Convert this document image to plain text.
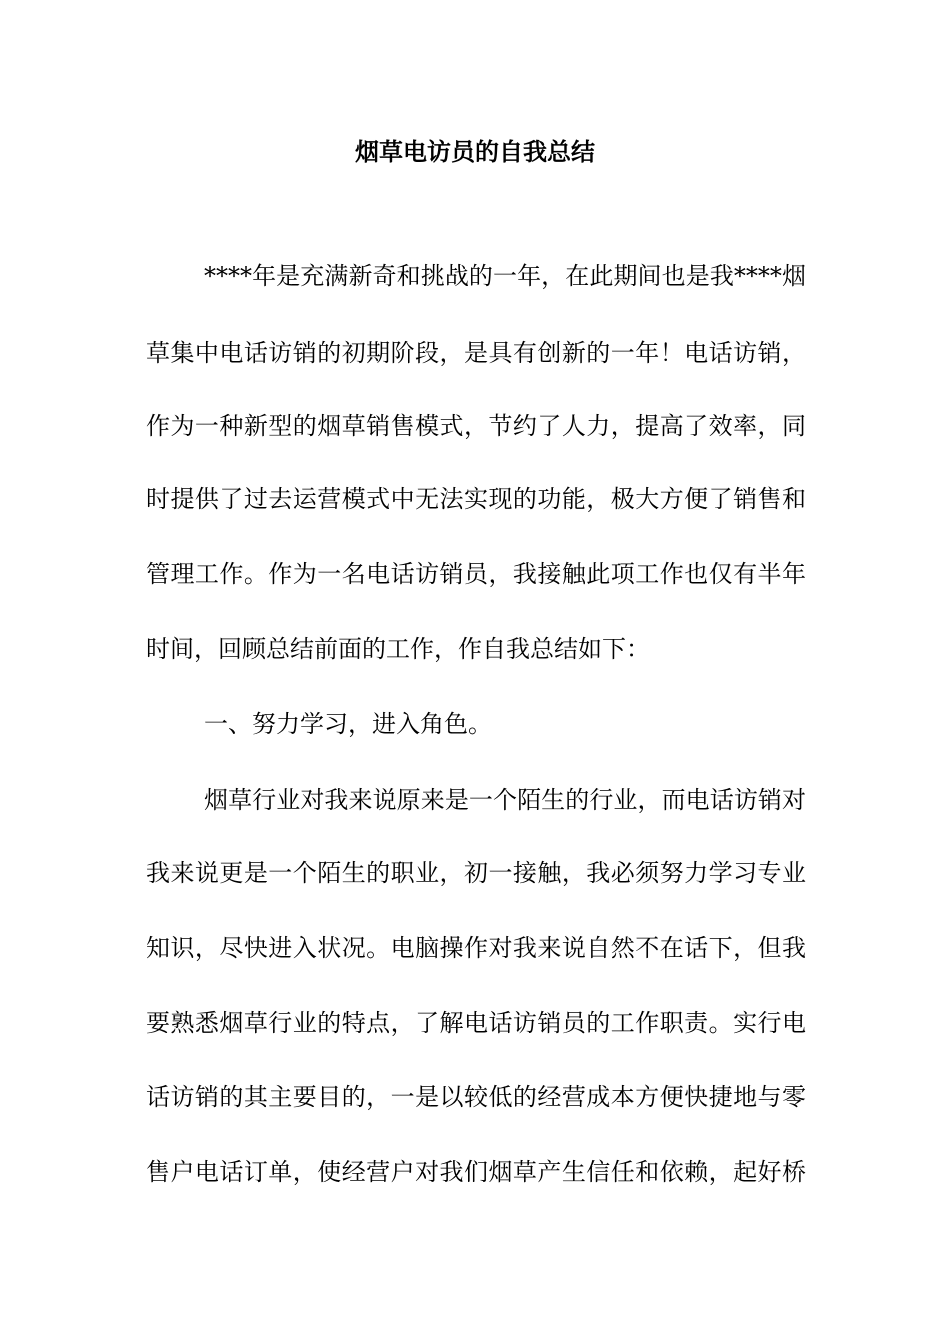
烟草电访员的自我总结
****年是充满新奇和挑战的一年，在此期间也是我****烟
草集中电话访销的初期阶段，是具有创新的一年！电话访销，
作为一种新型的烟草销售模式，节约了人力，提高了效率，同
时提供了过去运营模式中无法实现的功能，极大方便了销售和
管理工作。作为一名电话访销员，我接触此项工作也仅有半年
时间，回顾总结前面的工作，作自我总结如下：
一、努力学习，进入角色。
烟草行业对我来说原来是一个陌生的行业，而电话访销对
我来说更是一个陌生的职业，初一接触，我必须努力学习专业
知识，尽快进入状况。电脑操作对我来说自然不在话下，但我
要熟悉烟草行业的特点，了解电话访销员的工作职责。实行电
话访销的其主要目的，一是以较低的经营成本方便快捷地与零
售户电话订单，使经营户对我们烟草产生信任和依赖，起好桥
